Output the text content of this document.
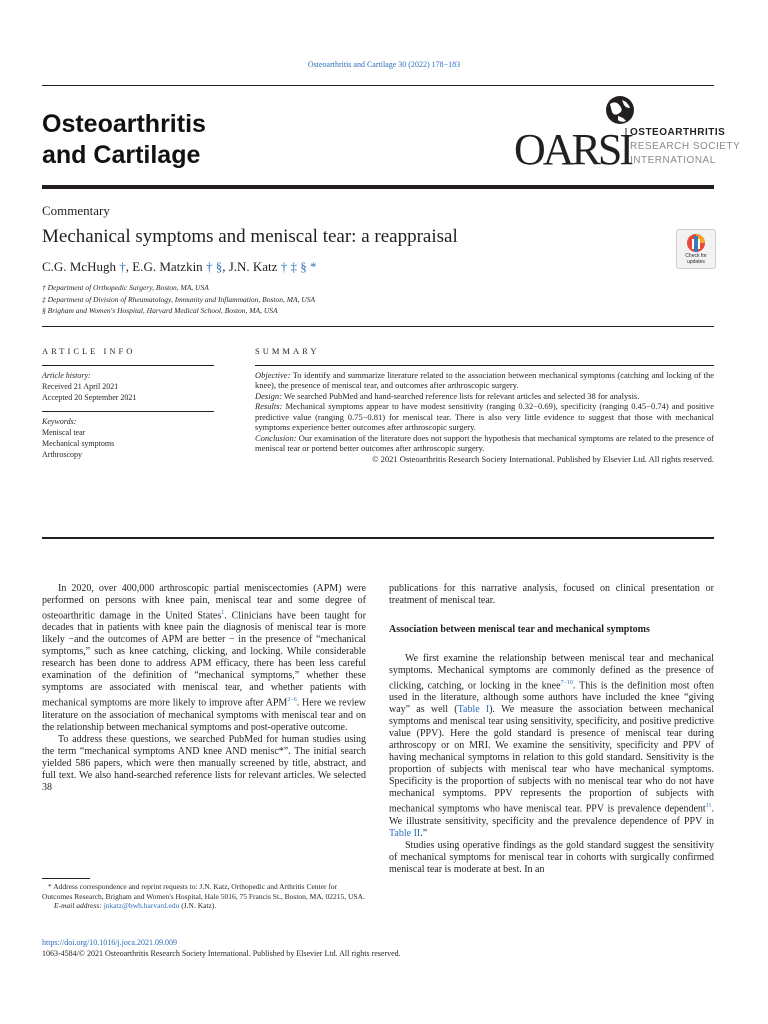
Osteoarthritis and Cartilage 30 (2022) 178−183
Osteoarthritis
and Cartilage	OARSI
OSTEOARTHRITIS
RESEARCH SOCIETY
INTERNATIONAL
Commentary
Mechanical symptoms and meniscal tear: a reappraisal
Check for updates
C.G. McHugh †, E.G. Matzkin † §, J.N. Katz † ‡ § *
† Department of Orthopedic Surgery, Boston, MA, USA
‡ Department of Division of Rheumatology, Immunity and Inflammation, Boston, MA, USA
§ Brigham and Women's Hospital, Harvard Medical School, Boston, MA, USA
ARTICLE INFO
Article history:
Received 21 April 2021
Accepted 20 September 2021
Keywords:
Meniscal tear
Mechanical symptoms
Arthroscopy
SUMMARY
Objective: To identify and summarize literature related to the association between mechanical symptoms (catching and locking of the knee), the presence of meniscal tear, and outcomes after arthroscopic surgery.
Design: We searched PubMed and hand-searched reference lists for relevant articles and selected 38 for analysis.
Results: Mechanical symptoms appear to have modest sensitivity (ranging 0.32−0.69), specificity (ranging 0.45−0.74) and positive predictive value (ranging 0.75−0.81) for meniscal tear. There is also very little evidence to suggest that those with mechanical symptoms experience better outcomes after arthroscopic surgery.
Conclusion: Our examination of the literature does not support the hypothesis that mechanical symptoms are related to the presence of meniscal tear or portend better outcomes after arthroscopic surgery.
© 2021 Osteoarthritis Research Society International. Published by Elsevier Ltd. All rights reserved.

In 2020, over 400,000 arthroscopic partial meniscectomies (APM) were performed on persons with knee pain, meniscal tear and some degree of osteoarthritic damage in the United States$^1$. Clinicians have been taught for decades that in patients with knee pain the diagnosis of meniscal tear is more likely −and the outcomes of APM are better − in the presence of “mechanical symptoms,” such as knee catching, clicking, and locking. While considerable research has been done to address APM efficacy, there has been less careful examination of the definition of “mechanical symptoms,” whether these symptoms are associated with meniscal tear, and whether patients with mechanical symptoms are more likely to improve after $APM^{2-6}$. Here we review literature on the association of mechanical symptoms with meniscal tear and on the relationship between mechanical symptoms and post-operative outcome.

To address these questions, we searched PubMed for human studies using the term “mechanical symptoms AND knee AND menisc*”. The initial search yielded 586 papers, which were then manually screened by title, abstract, and full text. We also hand-searched reference lists for relevant articles. We selected 38

publications for this narrative analysis, focused on clinical presentation or treatment of meniscal tear.

Association between meniscal tear and mechanical symptoms

We first examine the relationship between meniscal tear and mechanical symptoms. Mechanical symptoms are commonly defined as the presence of clicking, catching, or locking in the knee$^{7-10}$. This is the definition most often used in the literature, although some authors have included the knee “giving way” as well (Table I). We measure the association between mechanical symptoms and meniscal tear using sensitivity, specificity, and positive predictive value (PPV). Here the gold standard is presence of meniscal tear during arthroscopy or on MRI. We examine the sensitivity, specificity and PPV of having mechanical symptoms in relation to this gold standard. Sensitivity is the proportion of subjects with meniscal tear who have mechanical symptoms. Specificity is the proportion of subjects with no meniscal tear who do not have mechanical symptoms. PPV represents the proportion of subjects with mechanical symptoms who have meniscal tear. PPV is prevalence dependent$^{11}$. We illustrate sensitivity, specificity and the prevalence dependence of PPV in Table II.”

Studies using operative findings as the gold standard suggest the sensitivity of mechanical symptoms for meniscal tear in cohorts with surgically confirmed meniscal tear is moderate at best. In an

* Address correspondence and reprint requests to: J.N. Katz, Orthopedic and Arthritis Center for Outcomes Research, Brigham and Women's Hospital, Hale 5016, 75 Francis St., Boston, MA, 02215, USA.
E-mail address: jnkatz@bwh.harvard.edu (J.N. Katz).
https://doi.org/10.1016/j.joca.2021.09.009
1063-4584/© 2021 Osteoarthritis Research Society International. Published by Elsevier Ltd. All rights reserved.
